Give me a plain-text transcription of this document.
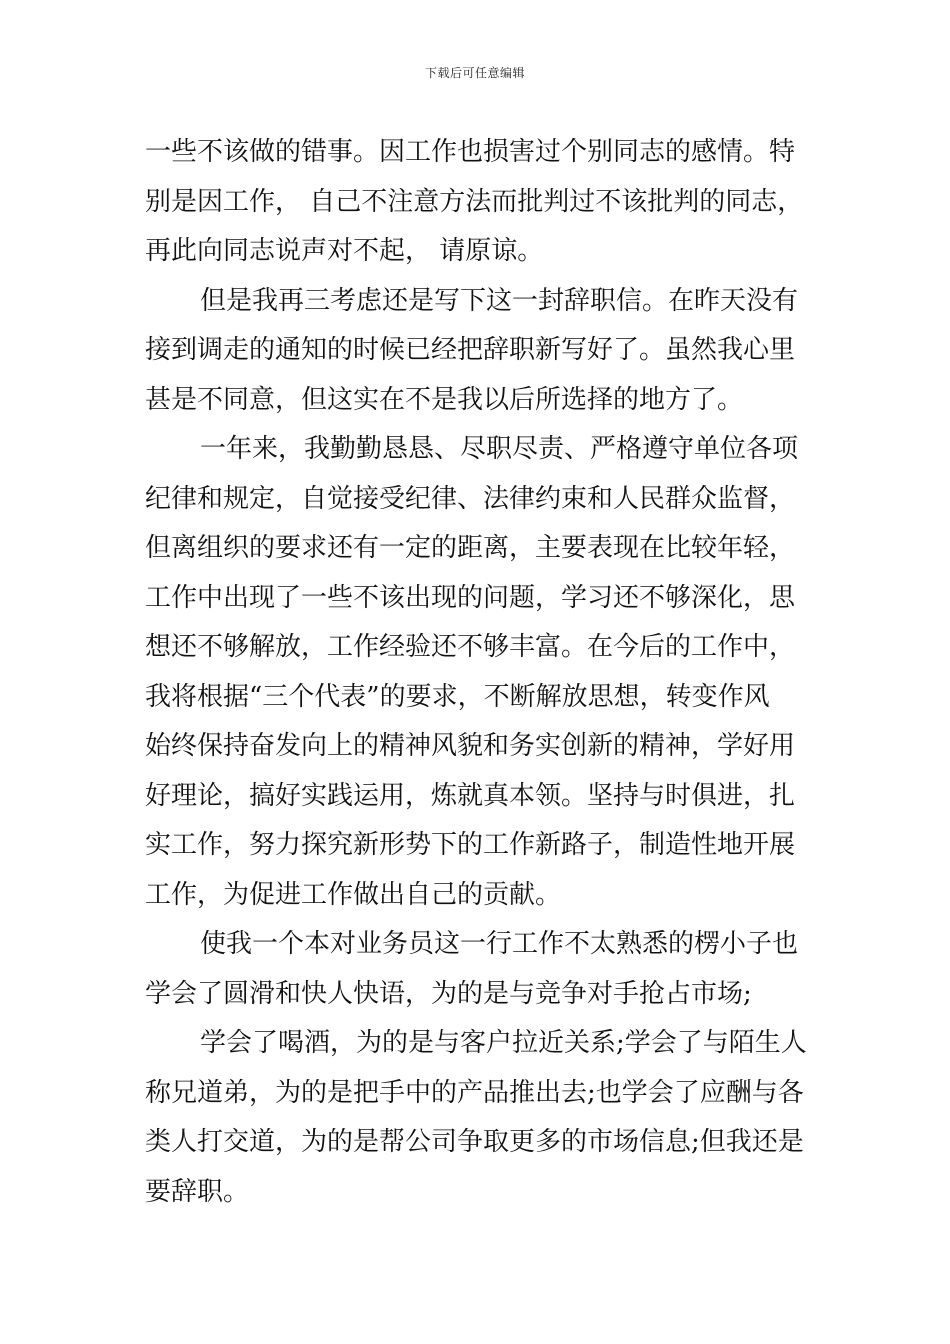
下载后可任意编辑
一些不该做的错事。因工作也损害过个别同志的感情。特
别是因工作， 自己不注意方法而批判过不该批判的同志，
再此向同志说声对不起， 请原谅。
但是我再三考虑还是写下这一封辞职信。在昨天没有
接到调走的通知的时候已经把辞职新写好了。虽然我心里
甚是不同意，但这实在不是我以后所选择的地方了。
一年来，我勤勤恳恳、尽职尽责、严格遵守单位各项
纪律和规定，自觉接受纪律、法律约束和人民群众监督，
但离组织的要求还有一定的距离，主要表现在比较年轻，
工作中出现了一些不该出现的问题，学习还不够深化，思
想还不够解放，工作经验还不够丰富。在今后的工作中，
我将根据“三个代表”的要求，不断解放思想，转变作风
始终保持奋发向上的精神风貌和务实创新的精神，学好用
好理论，搞好实践运用，炼就真本领。坚持与时俱进，扎
实工作，努力探究新形势下的工作新路子，制造性地开展
工作，为促进工作做出自己的贡献。
使我一个本对业务员这一行工作不太熟悉的楞小子也
学会了圆滑和快人快语，为的是与竞争对手抢占市场;
学会了喝酒，为的是与客户拉近关系;学会了与陌生人
称兄道弟，为的是把手中的产品推出去;也学会了应酬与各
类人打交道，为的是帮公司争取更多的市场信息;但我还是
要辞职。
